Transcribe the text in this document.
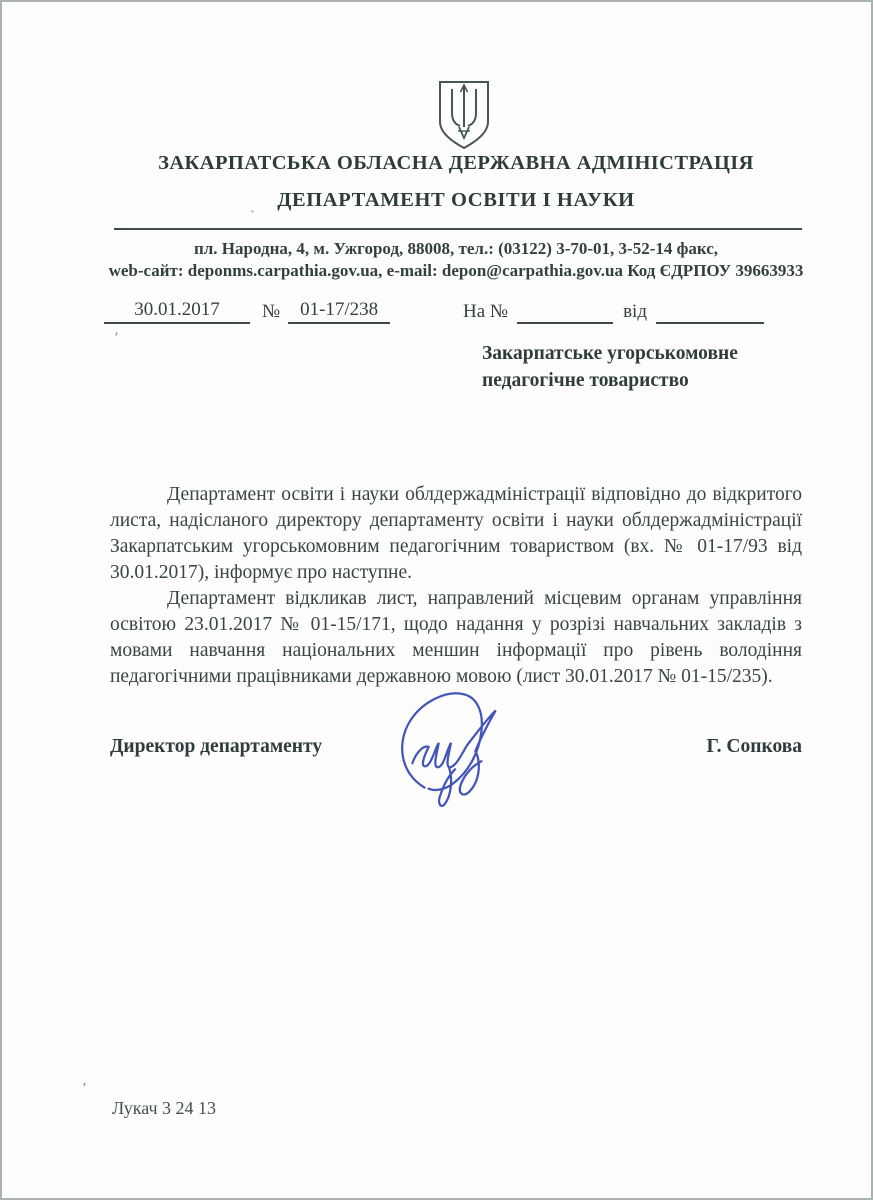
`
‚
’
ЗАКАРПАТСЬКА ОБЛАСНА ДЕРЖАВНА АДМІНІСТРАЦІЯ
ДЕПАРТАМЕНТ ОСВІТИ І НАУКИ
пл. Народна, 4, м. Ужгород, 88008, тел.: (03122) 3-70-01, 3-52-14 факс,
web-сайт: deponms.carpathia.gov.ua, e-mail: depon@carpathia.gov.ua Код ЄДРПОУ 39663933
30.01.2017	№	01-17/238	На №	від
Закарпатське угорськомовне
педагогічне товариство

Департамент освіти і науки облдержадміністрації відповідно до відкритого листа, надісланого директору департаменту освіти і науки облдержадміністрації Закарпатським угорськомовним педагогічним товариством (вх. № 01-17/93 від 30.01.2017), інформує про наступне.

Департамент відкликав лист, направлений місцевим органам управління освітою 23.01.2017 № 01-15/171, щодо надання у розрізі навчальних закладів з мовами навчання національних меншин інформації про рівень володіння педагогічними працівниками державною мовою (лист 30.01.2017 № 01-15/235).

Директор департаменту	Г. Сопкова
Лукач 3 24 13
